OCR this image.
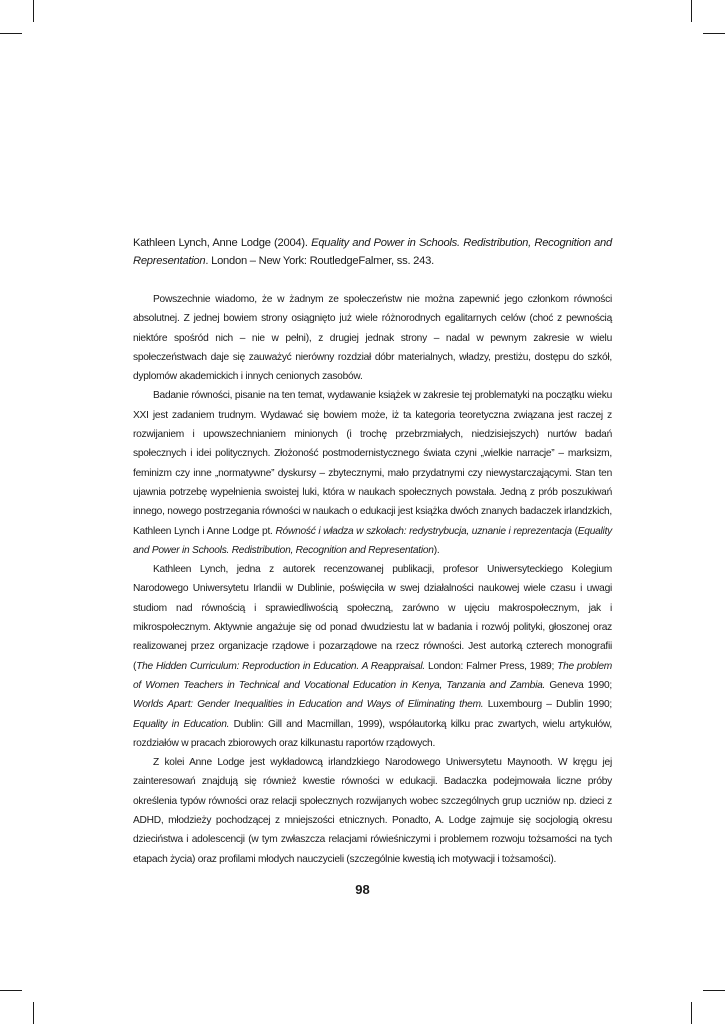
Kathleen Lynch, Anne Lodge (2004). Equality and Power in Schools. Redistribution, Recognition and Representation. London – New York: RoutledgeFalmer, ss. 243.

Powszechnie wiadomo, że w żadnym ze społeczeństw nie można zapewnić jego członkom równości absolutnej. Z jednej bowiem strony osiągnięto już wiele różnorodnych egalitarnych celów (choć z pewnością niektóre spośród nich – nie w pełni), z drugiej jednak strony – nadal w pewnym zakresie w wielu społeczeństwach daje się zauważyć nierówny rozdział dóbr materialnych, władzy, prestiżu, dostępu do szkół, dyplomów akademickich i innych cenionych zasobów.

Badanie równości, pisanie na ten temat, wydawanie książek w zakresie tej problematyki na początku wieku XXI jest zadaniem trudnym. Wydawać się bowiem może, iż ta kategoria teoretyczna związana jest raczej z rozwijaniem i upowszechnianiem minionych (i trochę przebrzmiałych, niedzisiejszych) nurtów badań społecznych i idei politycznych. Złożoność postmodernistycznego świata czyni „wielkie narracje” – marksizm, feminizm czy inne „normatywne” dyskursy – zbytecznymi, mało przydatnymi czy niewystarczającymi. Stan ten ujawnia potrzebę wypełnienia swoistej luki, która w naukach społecznych powstała. Jedną z prób poszukiwań innego, nowego postrzegania równości w naukach o edukacji jest książka dwóch znanych badaczek irlandzkich, Kathleen Lynch i Anne Lodge pt. Równość i władza w szkołach: redystrybucja, uznanie i reprezentacja (Equality and Power in Schools. Redistribution, Recognition and Representation).

Kathleen Lynch, jedna z autorek recenzowanej publikacji, profesor Uniwersyteckiego Kolegium Narodowego Uniwersytetu Irlandii w Dublinie, poświęciła w swej działalności naukowej wiele czasu i uwagi studiom nad równością i sprawiedliwością społeczną, zarówno w ujęciu makrospołecznym, jak i mikrospołecznym. Aktywnie angażuje się od ponad dwudziestu lat w badania i rozwój polityki, głoszonej oraz realizowanej przez organizacje rządowe i pozarządowe na rzecz równości. Jest autorką czterech monografii (The Hidden Curriculum: Reproduction in Education. A Reappraisal. London: Falmer Press, 1989; The problem of Women Teachers in Technical and Vocational Education in Kenya, Tanzania and Zambia. Geneva 1990; Worlds Apart: Gender Inequalities in Education and Ways of Eliminating them. Luxembourg – Dublin 1990; Equality in Education. Dublin: Gill and Macmillan, 1999), współautorką kilku prac zwartych, wielu artykułów, rozdziałów w pracach zbiorowych oraz kilkunastu raportów rządowych.

Z kolei Anne Lodge jest wykładowcą irlandzkiego Narodowego Uniwersytetu Maynooth. W kręgu jej zainteresowań znajdują się również kwestie równości w edukacji. Badaczka podejmowała liczne próby określenia typów równości oraz relacji społecznych rozwijanych wobec szczególnych grup uczniów np. dzieci z ADHD, młodzieży pochodzącej z mniejszości etnicznych. Ponadto, A. Lodge zajmuje się socjologią okresu dzieciństwa i adolescencji (w tym zwłaszcza relacjami rówieśniczymi i problemem rozwoju tożsamości na tych etapach życia) oraz profilami młodych nauczycieli (szczególnie kwestią ich motywacji i tożsamości).

98
